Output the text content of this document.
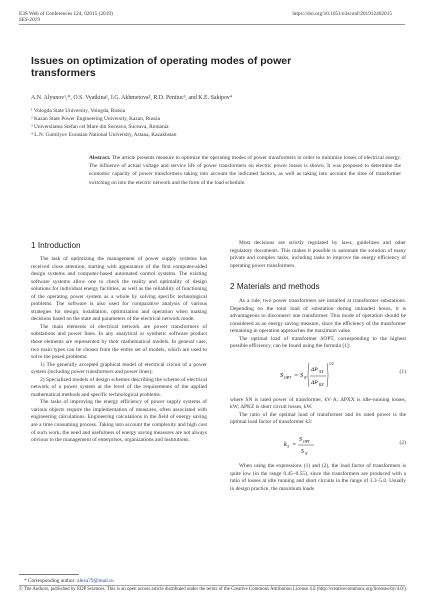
E3S Web of Conferences 124, 02015 (2019)
SES-2019
https://doi.org/10.1051/e3sconf/201912402015
Issues on optimization of operating modes of power transformers
A.N. Alyunov¹,*, O.S. Vyatkina¹, I.G. Akhmetova², R.D. Pentiuc³, and K.E. Sakipov⁴
¹ Vologda State University, Vologda, Russia
² Kazan State Power Engineering University, Kazan, Russia
³ Universitatea Stefan cel Mare din Suceava, Suceava, Romania
⁴ L.N. Gumilyov Eurasian National University, Astana, Kazakhstan
Abstract. The article presents measure to optimize the operating modes of power transformers in order to minimize losses of electrical energy. The influence of actual voltage and service life of power transformers on electric power losses is shown. It was proposed to determine the economic capacity of power transformers taking into account the indicated factors, as well as taking into account the time of transformer switching on into the electric network and the form of the load schedule.
1 Introduction

The task of optimizing the management of power supply systems has received close attention, starting with appearance of the first computer-aided design systems and computer-based automated control systems. The existing software systems allow one to check the reality and optimality of design solutions for individual energy facilities, as well as the reliability of functioning of the operating power system as a whole by solving specific technological problems. The software is also used for comparative analysis of various strategies for design, installation, optimization and operation when making decisions based on the state and parameters of the electrical network mode.

The main elements of electrical network are power transformers of substations and power lines. In any analytical or synthetic software product these elements are represented by their mathematical models. In general case, two main types can be chosen from the entire set of models, which are used to solve the posed problems:

1) The generally accepted graphical model of electrical circuit of a power system (including power transformers and power lines);

2) Specialized models of design schemes describing the scheme of electrical network of a power system at the level of the requirements of the applied mathematical methods and specific technological problems.

The tasks of improving the energy efficiency of power supply systems of various objects require the implementation of measures, often associated with engineering calculations. Engineering calculations in the field of energy saving are a time consuming process. Taking into account the complexity and high cost of such work, the need and usefulness of energy saving measures are not always obvious to the management of enterprises, organizations and institutions.

Most decisions are strictly regulated by laws, guidelines and other regulatory documents. This makes it possible to automate the solution of many private and complex tasks, including tasks to improve the energy efficiency of operating power transformers.

2 Materials and methods

As a rule, two power transformers are installed at transformer substations. Depending on the total load of substation during unloaded hours, it is advantageous to disconnect one transformer. This mode of operation should be considered as an energy saving measure, since the efficiency of the transformer remaining in operation approaches the maximum value.

The optimal load of transformer SOPT, corresponding to the highest possible efficiency, can be found using the formula [1]:

S OPT = S N
ΔP XX
ΔP KZ
1/2
(1)

where SN is rated power of transformer, kV·A; ΔPXX is idle-running losses, kW; ΔPKZ is short circuit losses, kW.

The ratio of the optimal load of transformer and its rated power is the optimal load factor of transformer k3:

k 3 =
S OPT
S N
(2)

When using the expressions (1) and (2), the load factor of transformers is quite low (in the range 0.45–0.55), since the transformers are produced with a ratio of losses at idle running and short circuits in the range of 3.3–5.0. Usually in design practice, the maximum loads

* Corresponding author: alexa79@mail.ru
© The Authors, published by EDP Sciences. This is an open access article distributed under the terms of the Creative Commons Attribution License 4.0 (http://creativecommons.org/licenses/by/4.0/).
